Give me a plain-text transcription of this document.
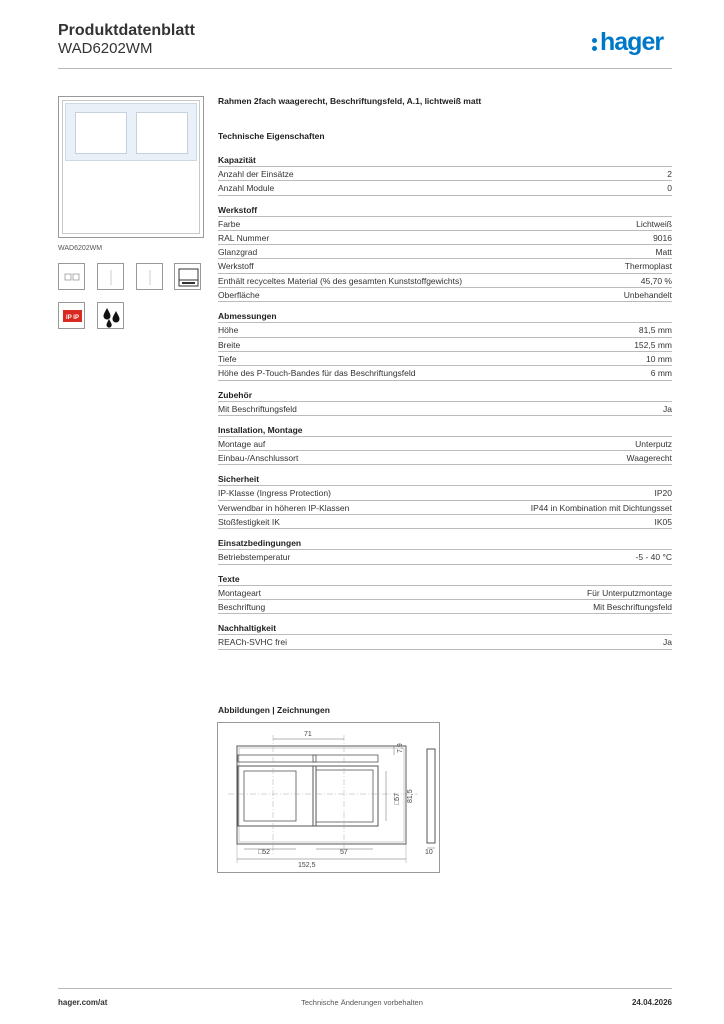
Produktdatenblatt
WAD6202WM	hager
WAD6202WM
IP IP
Rahmen 2fach waagerecht, Beschriftungsfeld, A.1, lichtweiß matt
Technische Eigenschaften
Kapazität
Anzahl der Einsätze	2
Anzahl Module	0
Werkstoff
Farbe	Lichtweiß
RAL Nummer	9016
Glanzgrad	Matt
Werkstoff	Thermoplast
Enthält recyceltes Material (% des gesamten Kunststoffgewichts)	45,70 %
Oberfläche	Unbehandelt
Abmessungen
Höhe	81,5 mm
Breite	152,5 mm
Tiefe	10 mm
Höhe des P-Touch-Bandes für das Beschriftungsfeld	6 mm
Zubehör
Mit Beschriftungsfeld	Ja
Installation, Montage
Montage auf	Unterputz
Einbau-/Anschlussort	Waagerecht
Sicherheit
IP-Klasse (Ingress Protection)	IP20
Verwendbar in höheren IP-Klassen	IP44 in Kombination mit Dichtungsset
Stoßfestigkeit IK	IK05
Einsatzbedingungen
Betriebstemperatur	-5 - 40 °C
Texte
Montageart	Für Unterputzmontage
Beschriftung	Mit Beschriftungsfeld
Nachhaltigkeit
REACh-SVHC frei	Ja
Abbildungen | Zeichnungen
71
7,9
□57 81,5
10
□52	57
152,5
hager.com/at	Technische Änderungen vorbehalten	24.04.2026
